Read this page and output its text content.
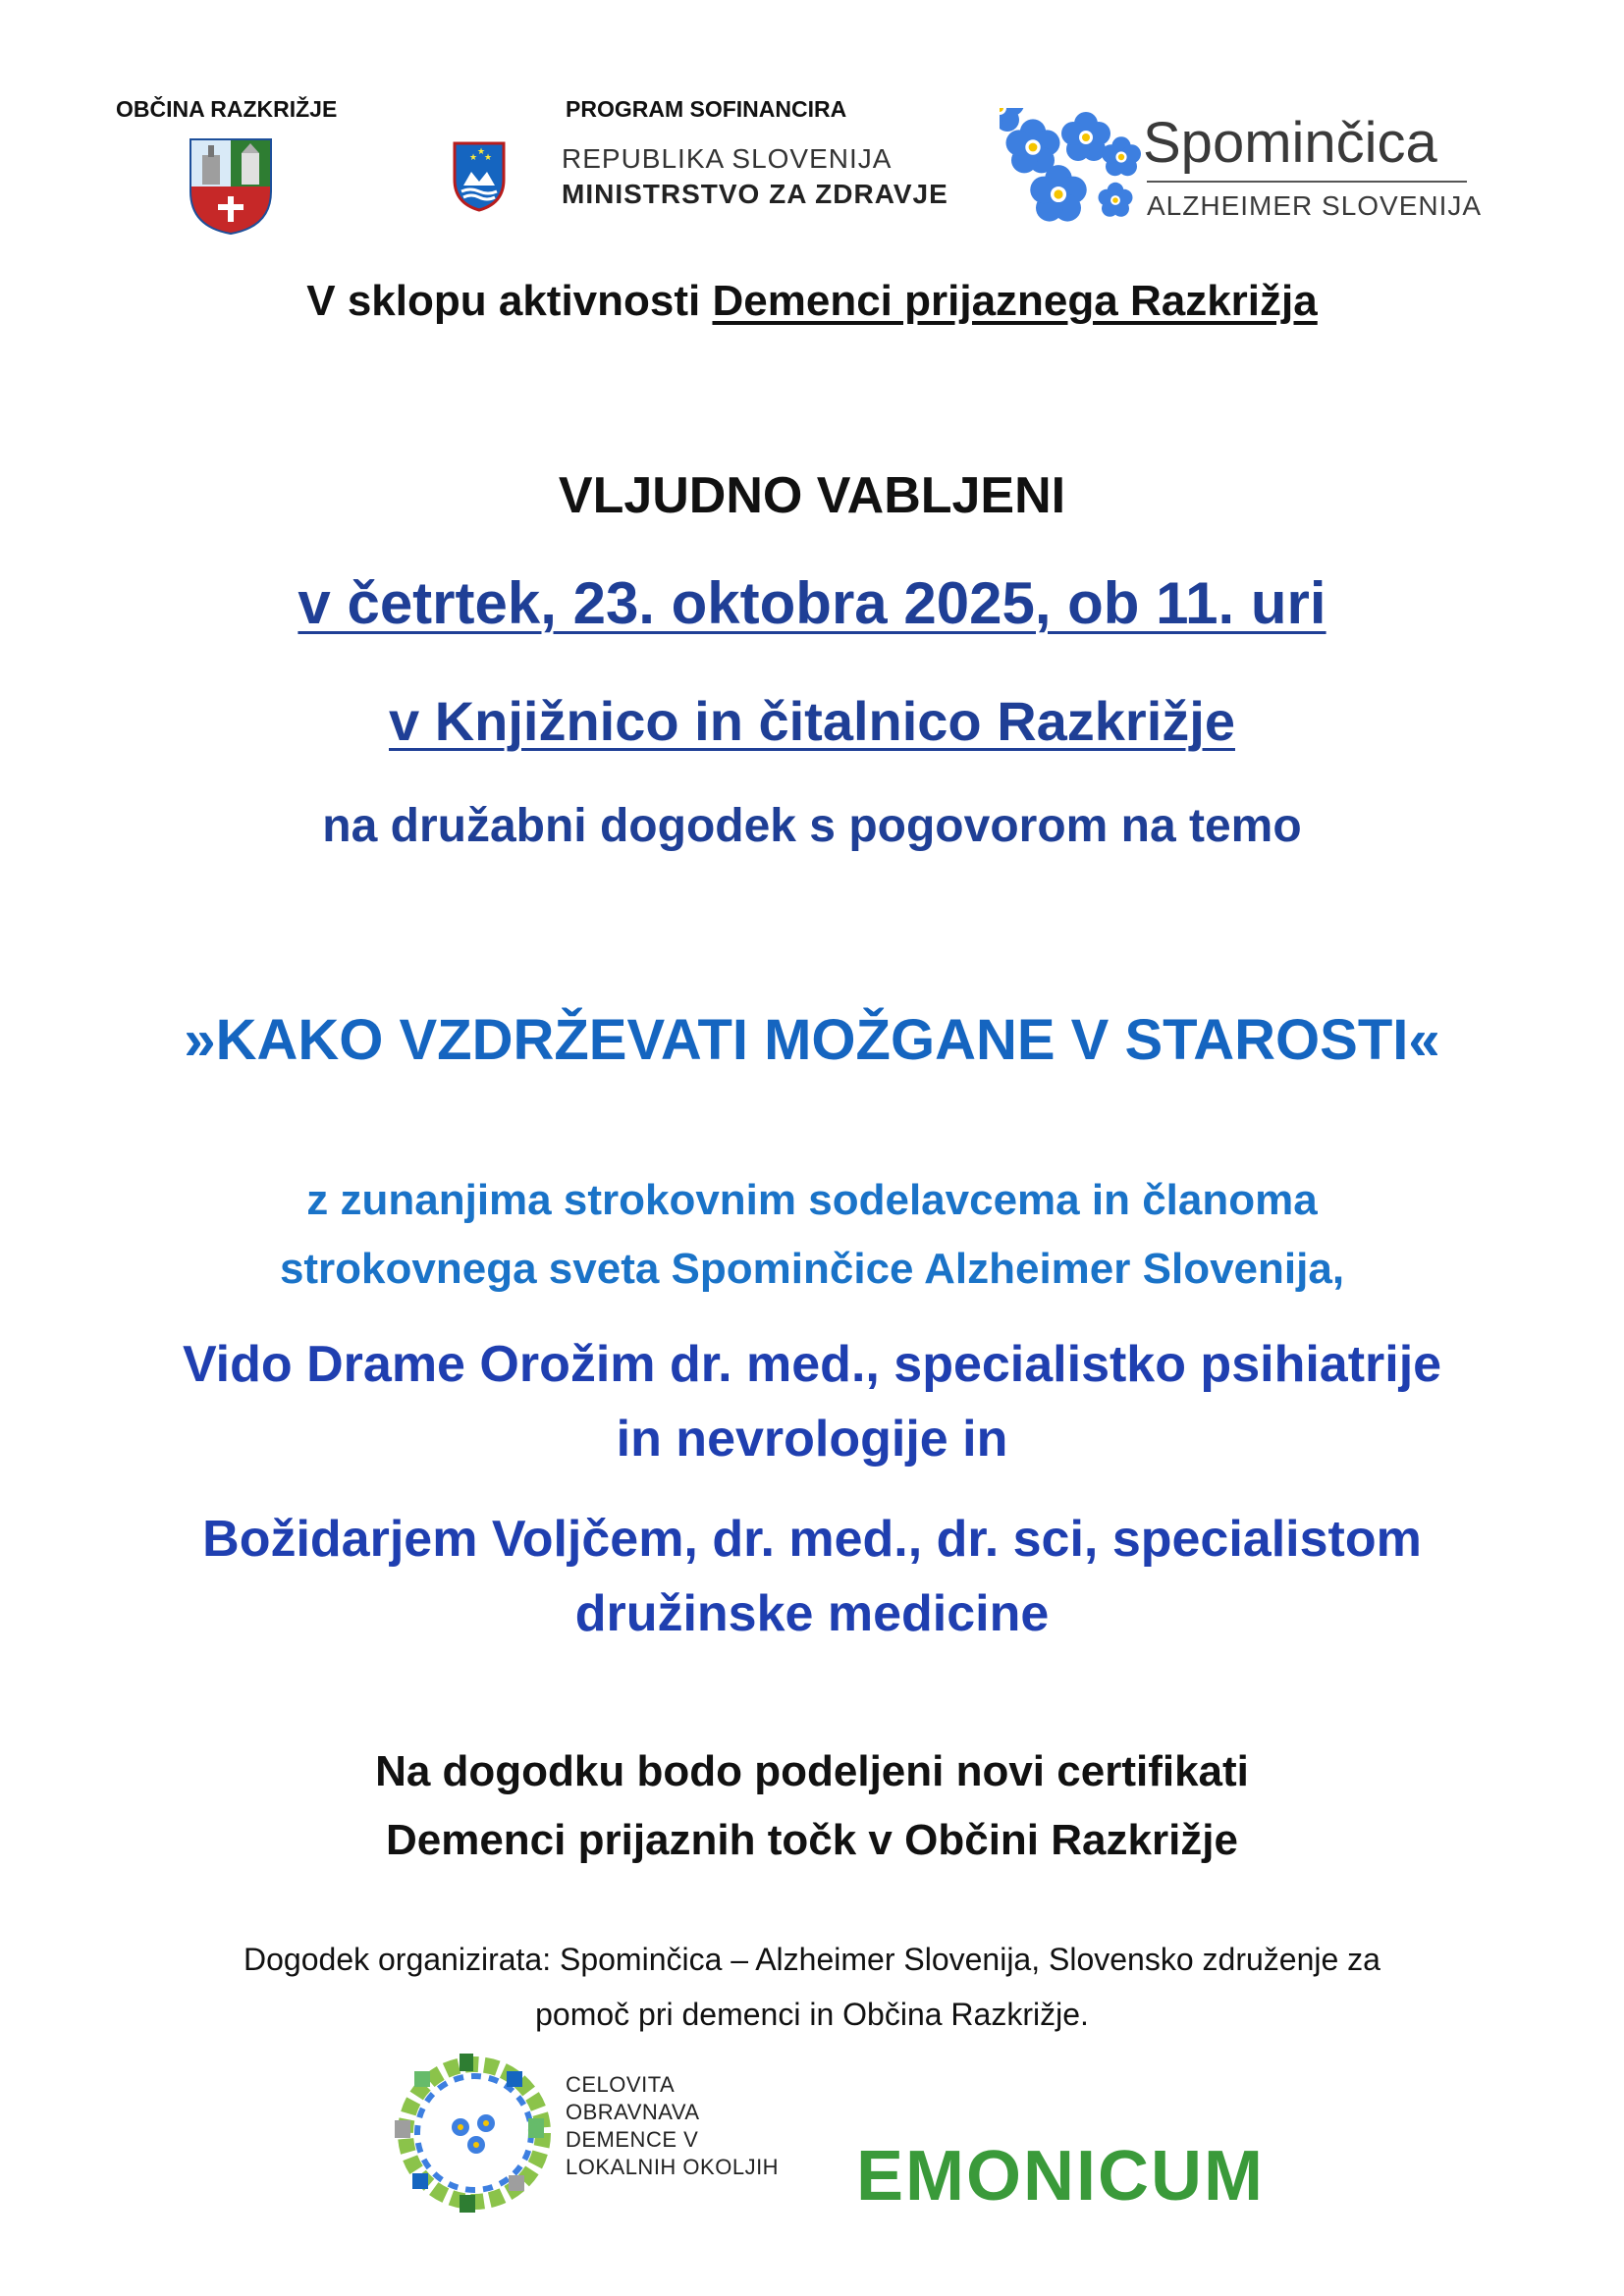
OBČINA RAZKRIŽJE	PROGRAM SOFINANCIRA
★
★
★	REPUBLIKA SLOVENIJA
MINISTRSTVO ZA ZDRAVJE
Spominčica
ALZHEIMER SLOVENIJA
V sklopu aktivnosti Demenci prijaznega Razkrižja
VLJUDNO VABLJENI
v četrtek, 23. oktobra 2025, ob 11. uri
v Knjižnico in čitalnico Razkrižje
na družabni dogodek s pogovorom na temo
»KAKO VZDRŽEVATI MOŽGANE V STAROSTI«
z zunanjima strokovnim sodelavcema in članoma
strokovnega sveta Spominčice Alzheimer Slovenija,
Vido Drame Orožim dr. med., specialistko psihiatrije
in nevrologije in
Božidarjem Voljčem, dr. med., dr. sci, specialistom
družinske medicine
Na dogodku bodo podeljeni novi certifikati
Demenci prijaznih točk v Občini Razkrižje
Dogodek organizirata: Spominčica – Alzheimer Slovenija, Slovensko združenje za
pomoč pri demenci in Občina Razkrižje.
CELOVITA
OBRAVNAVA
DEMENCE V
LOKALNIH OKOLJIH EMONICUM
